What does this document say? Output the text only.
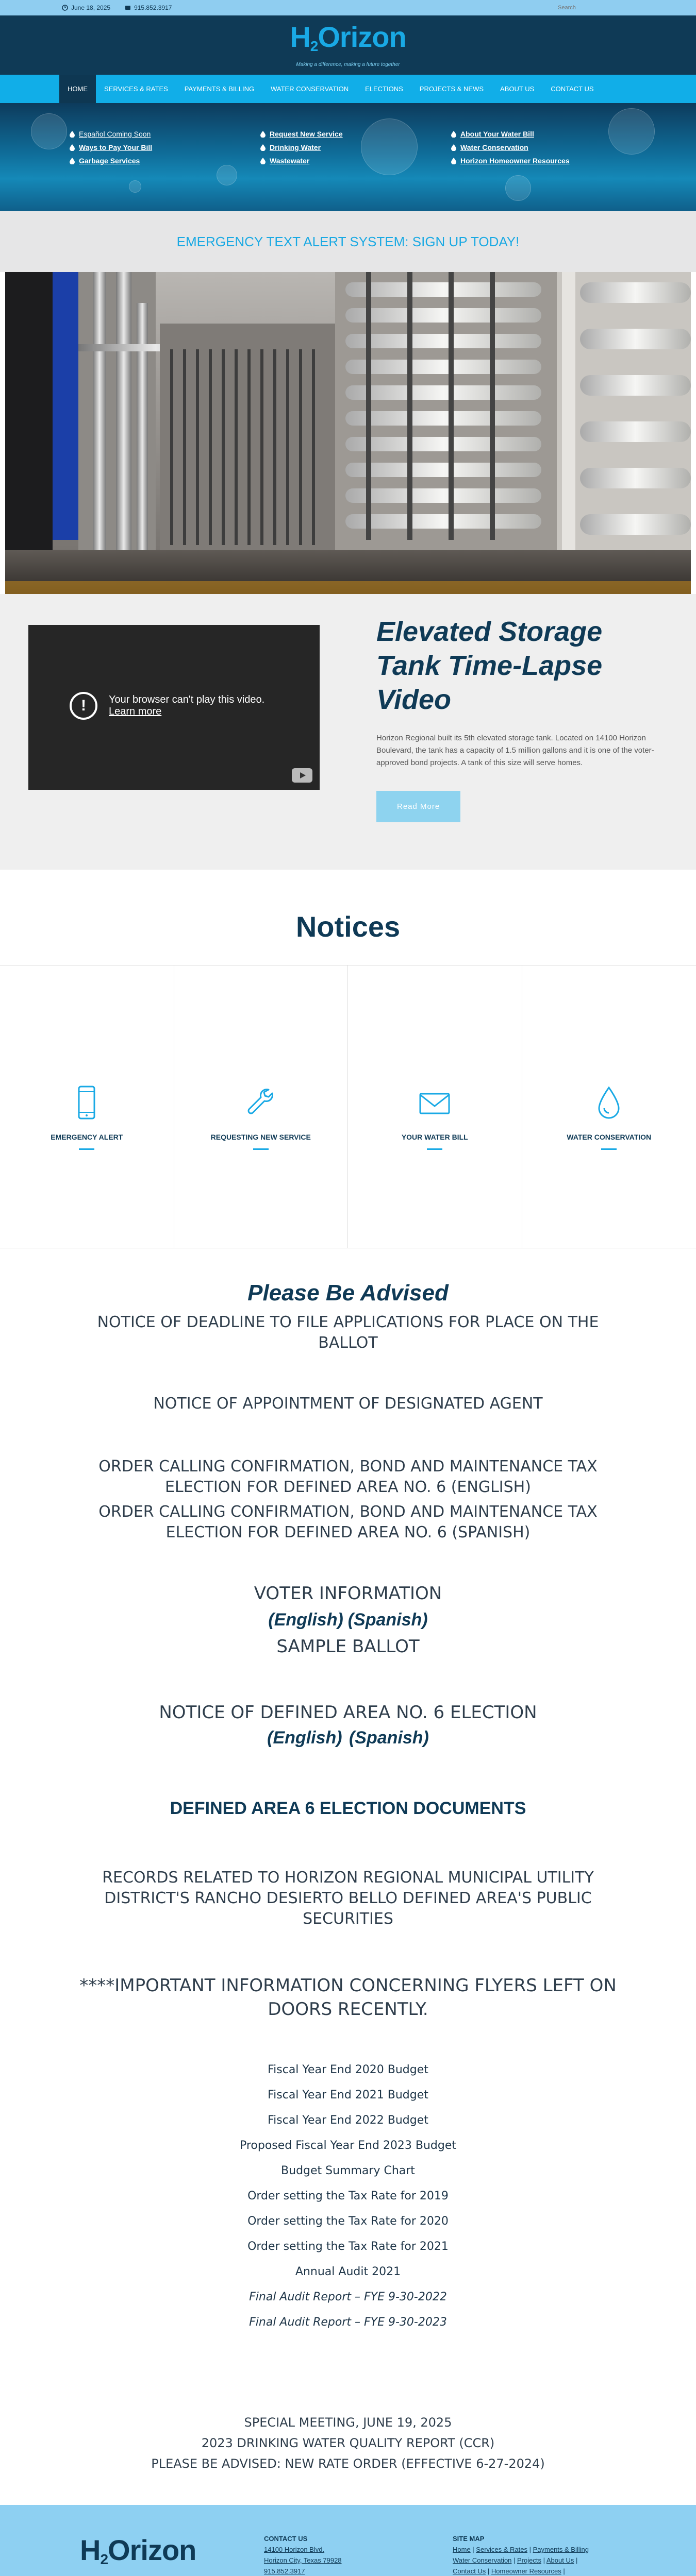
June 18, 2025	915.852.3917
Search
$H_2Orizon$
Making a difference, making a future together
HOME	SERVICES & RATES	PAYMENTS & BILLING	WATER CONSERVATION	ELECTIONS	PROJECTS & NEWS	ABOUT US	CONTACT US
Español Coming Soon	Request New Service	About Your Water Bill
Ways to Pay Your Bill	Drinking Water	Water Conservation
Garbage Services	Wastewater	Horizon Homeowner Resources
EMERGENCY TEXT ALERT SYSTEM:
SIGN UP TODAY!
!	Your browser can't play this video.
Learn more
Elevated Storage Tank Time-Lapse Video

Horizon Regional built its 5th elevated storage tank. Located on 14100 Horizon Boulevard, the tank has a capacity of 1.5 million gallons and it is one of the voter-approved bond projects. A tank of this size will serve homes.

Read More
Notices
EMERGENCY ALERT	REQUESTING NEW SERVICE	YOUR WATER BILL	WATER CONSERVATION
Please Be Advised
NOTICE OF DEADLINE TO FILE APPLICATIONS FOR PLACE ON THE BALLOT
NOTICE OF APPOINTMENT OF DESIGNATED AGENT
ORDER CALLING CONFIRMATION, BOND AND MAINTENANCE TAX ELECTION FOR DEFINED AREA NO. 6 (ENGLISH)
ORDER CALLING CONFIRMATION, BOND AND MAINTENANCE TAX ELECTION FOR DEFINED AREA NO. 6 (SPANISH)
VOTER INFORMATION
(English) (Spanish)
SAMPLE BALLOT
NOTICE OF DEFINED AREA NO. 6 ELECTION
(English) (Spanish)
DEFINED AREA 6 ELECTION DOCUMENTS
RECORDS RELATED TO HORIZON REGIONAL MUNICIPAL UTILITY DISTRICT'S RANCHO DESIERTO BELLO DEFINED AREA'S PUBLIC SECURITIES
****IMPORTANT INFORMATION CONCERNING FLYERS LEFT ON DOORS RECENTLY.
Fiscal Year End 2020 Budget
Fiscal Year End 2021 Budget
Fiscal Year End 2022 Budget
Proposed Fiscal Year End 2023 Budget
Budget Summary Chart
Order setting the Tax Rate for 2019
Order setting the Tax Rate for 2020
Order setting the Tax Rate for 2021
Annual Audit 2021
Final Audit Report – FYE 9-30-2022
Final Audit Report – FYE 9-30-2023
SPECIAL MEETING, JUNE 19, 2025
2023 DRINKING WATER QUALITY REPORT (CCR)
PLEASE BE ADVISED: NEW RATE ORDER (EFFECTIVE 6-27-2024)
$H_2Orizon$	CONTACT US
14100 Horizon Blvd.
Horizon City, Texas 79928
915.852.3917
SITE MAP
Home | Services & Rates | Payments & Billing
Water Conservation | Projects | About Us |
Contact Us | Homeowner Resources |
